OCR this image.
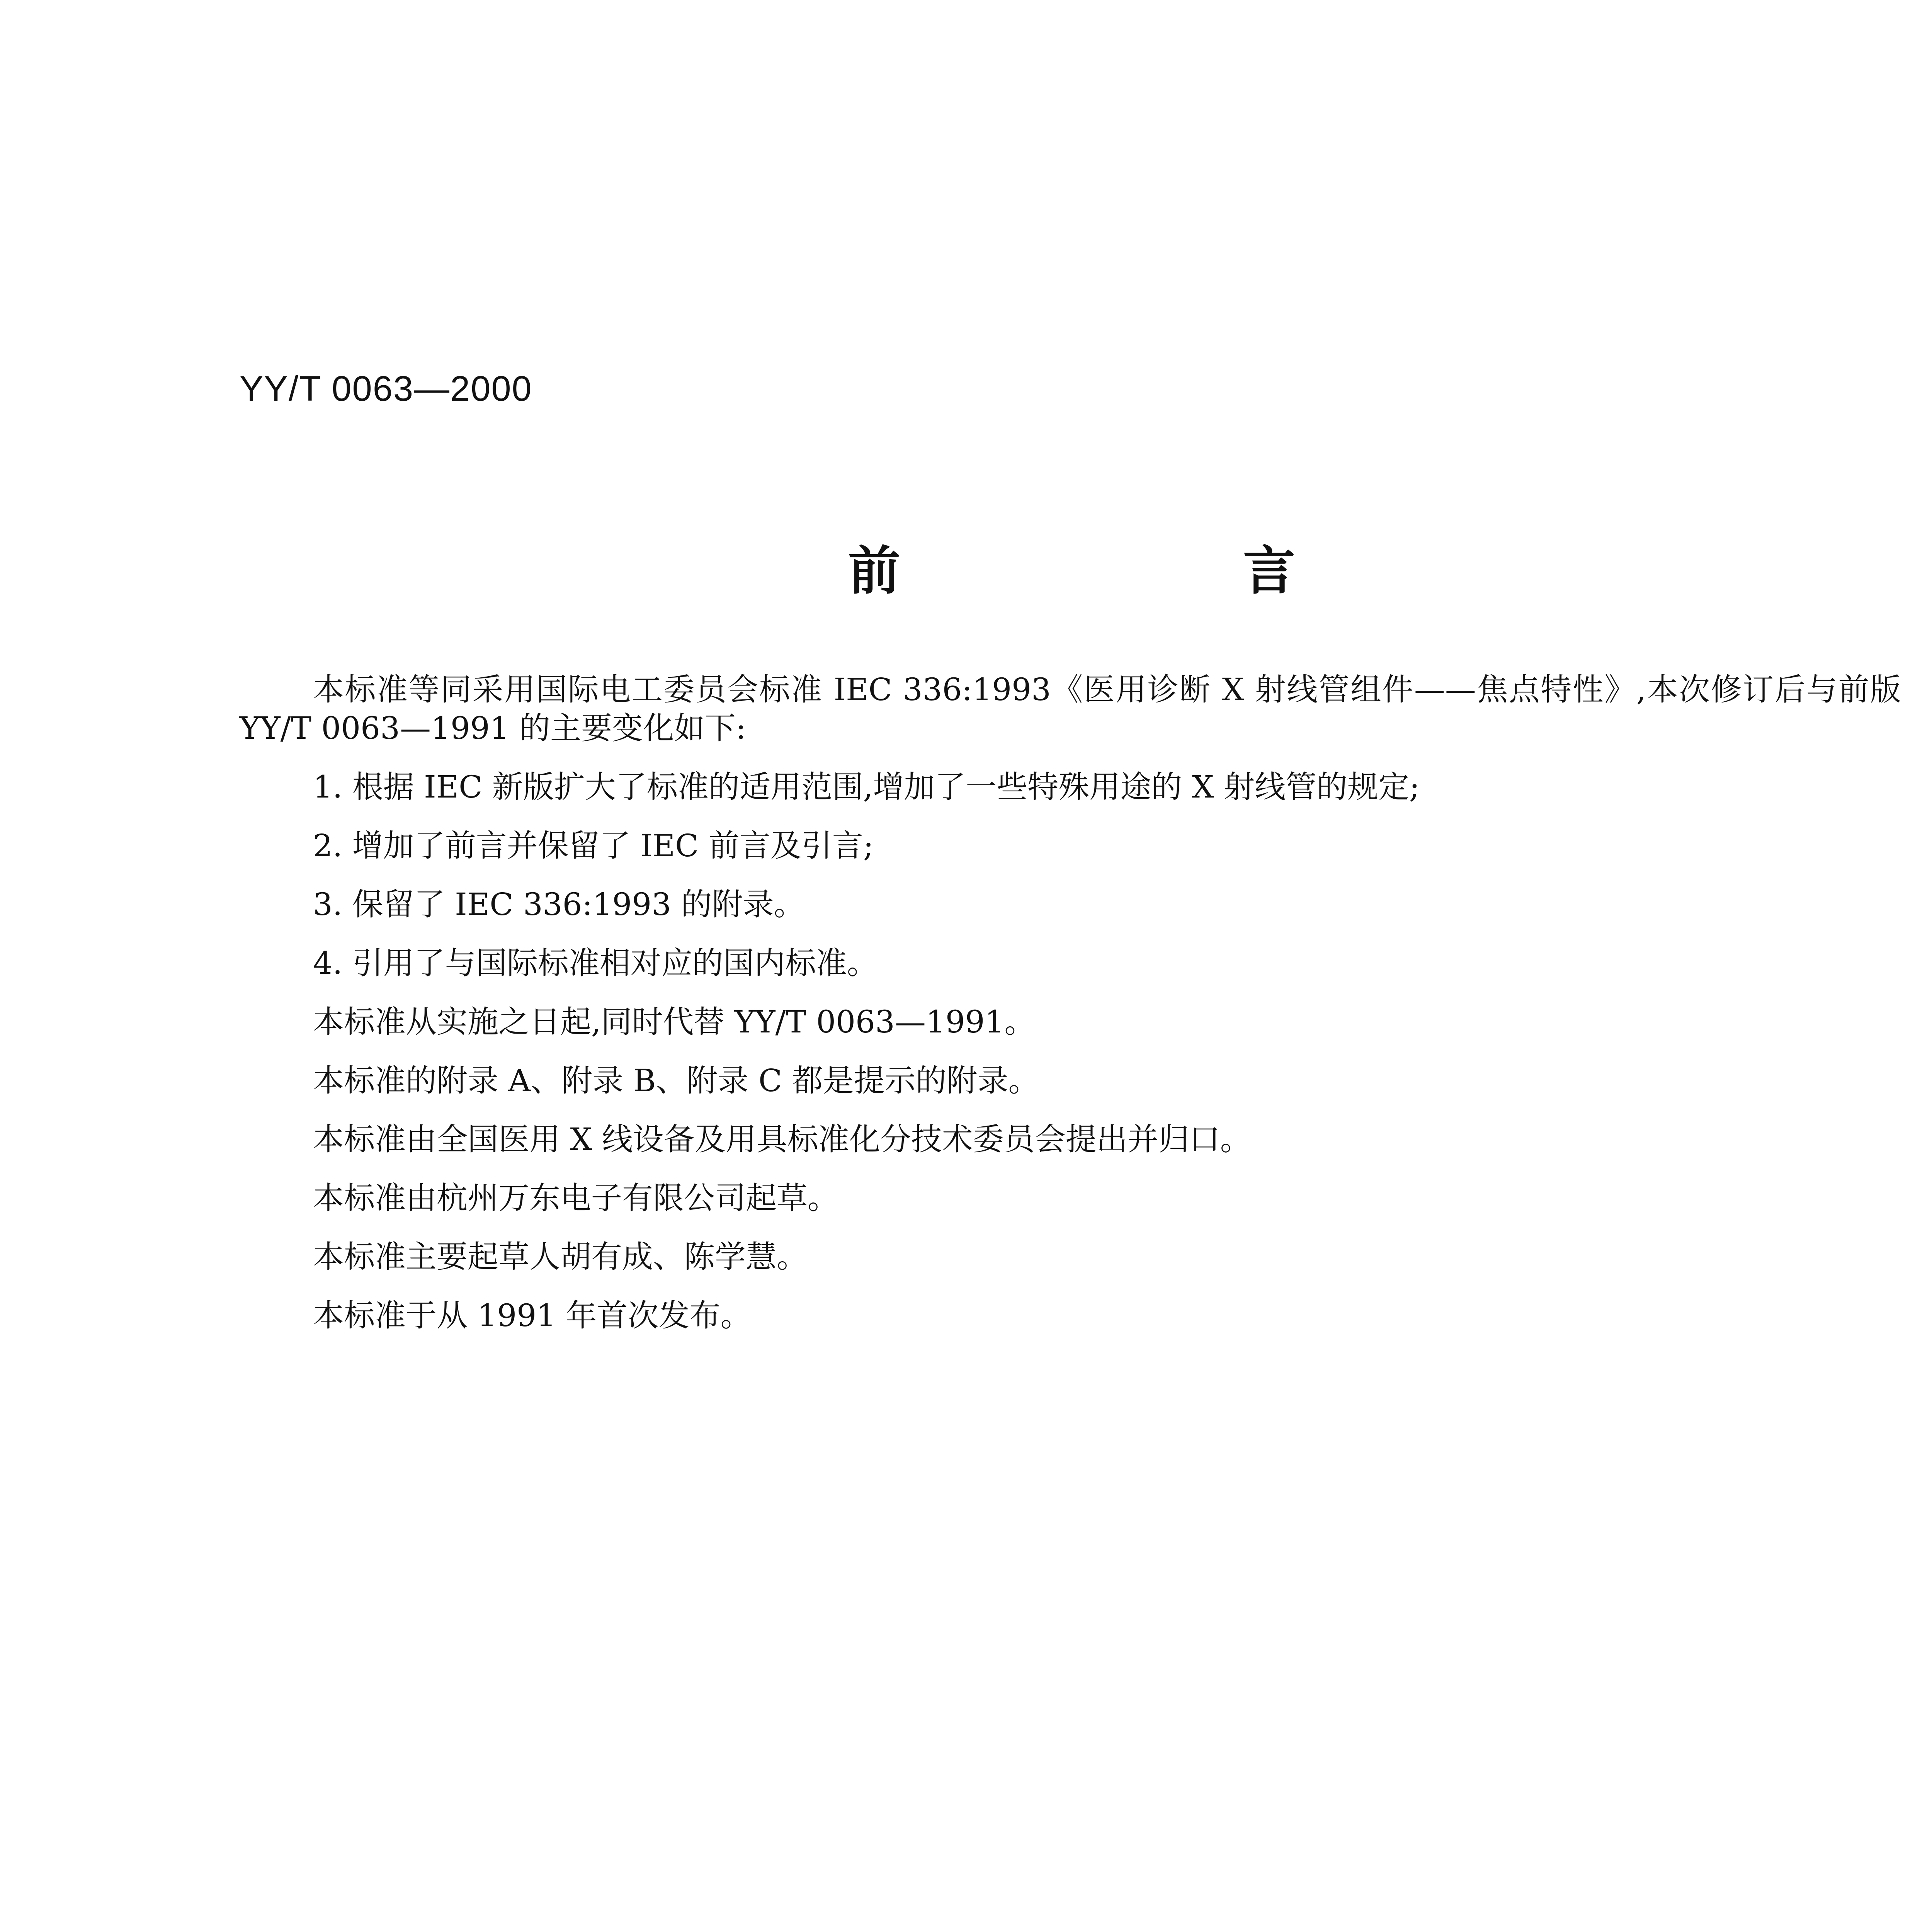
YY/T 0063—2000
前 言

本标准等同采用国际电工委员会标准 IEC 336:1993《医用诊断 X 射线管组件——焦点特性》,本次修订后与前版 YY/T 0063—1991 的主要变化如下:

1. 根据 IEC 新版扩大了标准的适用范围,增加了一些特殊用途的 X 射线管的规定;
2. 增加了前言并保留了 IEC 前言及引言;
3. 保留了 IEC 336:1993 的附录。
4. 引用了与国际标准相对应的国内标准。
本标准从实施之日起,同时代替 YY/T 0063—1991。
本标准的附录 A、附录 B、附录 C 都是提示的附录。
本标准由全国医用 X 线设备及用具标准化分技术委员会提出并归口。
本标准由杭州万东电子有限公司起草。
本标准主要起草人胡有成、陈学慧。
本标准于从 1991 年首次发布。
